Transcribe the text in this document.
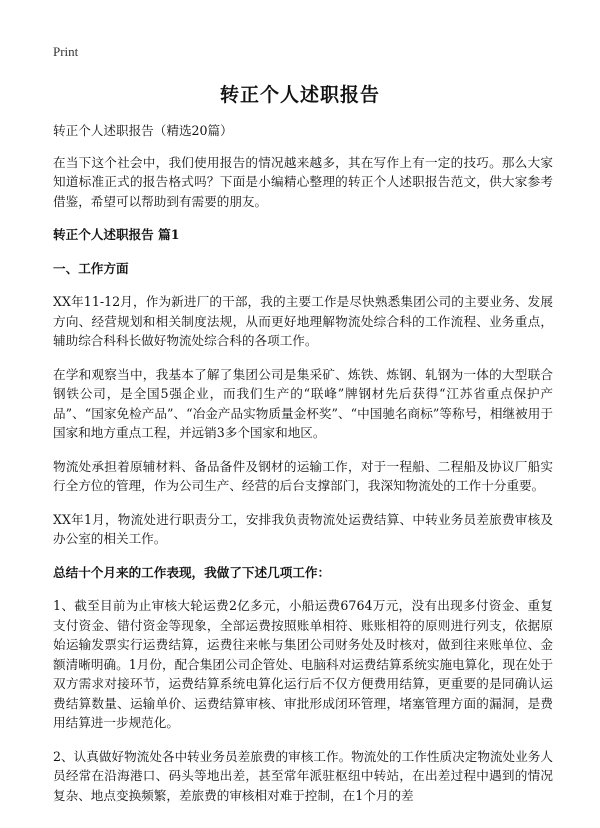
Print
转正个人述职报告

转正个人述职报告（精选20篇）

在当下这个社会中，我们使用报告的情况越来越多，其在写作上有一定的技巧。那么大家知道标准正式的报告格式吗？下面是小编精心整理的转正个人述职报告范文，供大家参考借鉴，希望可以帮助到有需要的朋友。

转正个人述职报告 篇1
一、工作方面

XX年11-12月，作为新进厂的干部，我的主要工作是尽快熟悉集团公司的主要业务、发展方向、经营规划和相关制度法规，从而更好地理解物流处综合科的工作流程、业务重点，辅助综合科科长做好物流处综合科的各项工作。

在学和观察当中，我基本了解了集团公司是集采矿、炼铁、炼钢、轧钢为一体的大型联合钢铁公司，是全国5强企业，而我们生产的“联峰”牌钢材先后获得“江苏省重点保护产品”、“国家免检产品”、“冶金产品实物质量金杯奖”、“中国驰名商标”等称号，相继被用于国家和地方重点工程，并远销3多个国家和地区。

物流处承担着原辅材料、备品备件及钢材的运输工作，对于一程船、二程船及协议厂船实行全方位的管理，作为公司生产、经营的后台支撑部门，我深知物流处的工作十分重要。

XX年1月，物流处进行职责分工，安排我负责物流处运费结算、中转业务员差旅费审核及办公室的相关工作。

总结十个月来的工作表现，我做了下述几项工作：

1、截至目前为止审核大轮运费2亿多元，小船运费6764万元，没有出现多付资金、重复支付资金、错付资金等现象，全部运费按照账单相符、账账相符的原则进行列支，依据原始运输发票实行运费结算，运费往来帐与集团公司财务处及时核对，做到往来账单位、金额清晰明确。1月份，配合集团公司企管处、电脑科对运费结算系统实施电算化，现在处于双方需求对接环节，运费结算系统电算化运行后不仅方便费用结算，更重要的是同确认运费结算数量、运输单价、运费结算审核、审批形成闭环管理，堵塞管理方面的漏洞，是费用结算进一步规范化。

2、认真做好物流处各中转业务员差旅费的审核工作。物流处的工作性质决定物流处业务人员经常在沿海港口、码头等地出差，甚至常年派驻枢纽中转站，在出差过程中遇到的情况复杂、地点变换频繁，差旅费的审核相对难于控制，在1个月的差
